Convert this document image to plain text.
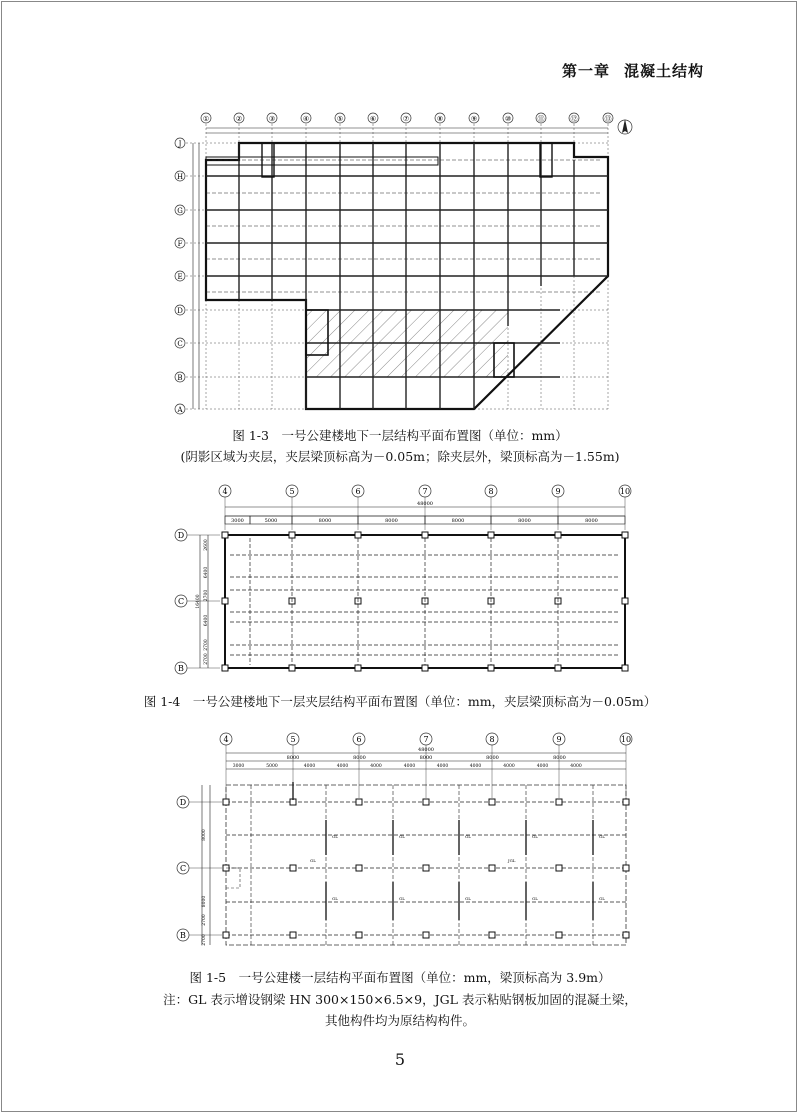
第一章 混凝土结构
①	②	③	④	⑤	⑥	⑦	⑧	⑨	⑩	⑪	⑫	⑬
J
H
G
F
E
D
C
B
A
4	5	6	7	8	9	10
D
C
B
48000
3000	5000	8000	8000	8000	8000	8000
16400
2600
6400
2700
6400
2700
2700
4	5	6	7	8	9	10
D
C
B
48000
8000	8000	8000	8000	8000
3000	5000	4000	4000	4000	4000	4000	4000	4000	4000	4000
8000
8000
2700
2700
GL	GL	GL	GL	GL
GL	GL	GL	GL	GL
GL	JGL
图 1-3　一号公建楼地下一层结构平面布置图（单位：mm）
(阴影区域为夹层，夹层梁顶标高为－0.05m；除夹层外，梁顶标高为－1.55m)
图 1-4　一号公建楼地下一层夹层结构平面布置图（单位：mm，夹层梁顶标高为－0.05m）
图 1-5　一号公建楼一层结构平面布置图（单位：mm，梁顶标高为 3.9m）
注：GL 表示增设钢梁 HN 300×150×6.5×9，JGL 表示粘贴钢板加固的混凝土梁，
其他构件均为原结构构件。
5
